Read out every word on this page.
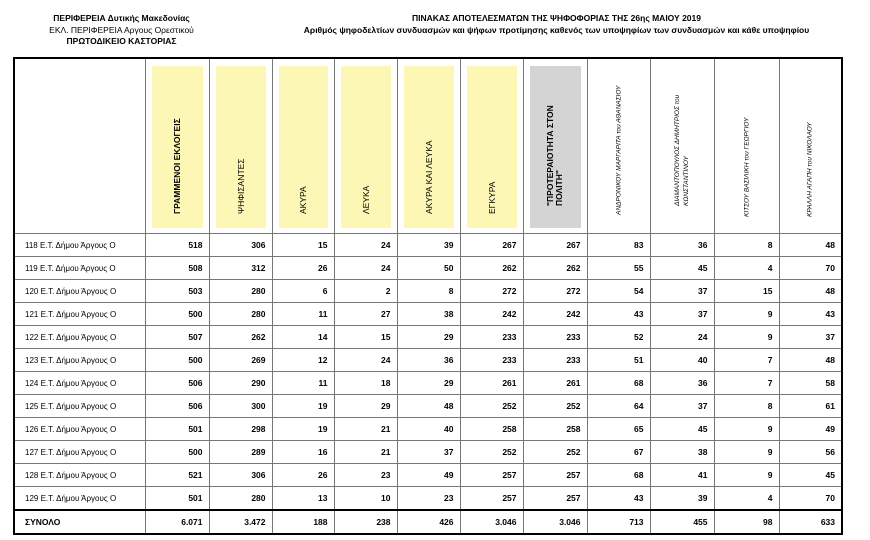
ΠΕΡΙΦΕΡΕΙΑ Δυτικής Μακεδονίας
ΕΚΛ. ΠΕΡΙΦΕΡΕΙΑ Αργους Ορεστικού
ΠΡΩΤΟΔΙΚΕΙΟ ΚΑΣΤΟΡΙΑΣ
ΠΙΝΑΚΑΣ ΑΠΟΤΕΛΕΣΜΑΤΩΝ ΤΗΣ ΨΗΦΟΦΟΡΙΑΣ ΤΗΣ 26ης ΜΑΙΟΥ 2019
Αριθμός ψηφοδελτίων συνδυασμών και ψήφων προτίμησης καθενός των υποψηφίων των συνδυασμών και κάθε υποψηφίου

	ΓΡΑΜΜΕΝΟΙ ΕΚΛΟΓΕΙΣ	ΨΗΦΙΣΑΝΤΕΣ	ΑΚΥΡΑ	ΛΕΥΚΑ	ΑΚΥΡΑ ΚΑΙ ΛΕΥΚΑ	ΕΓΚΥΡΑ	"ΠΡΟΤΕΡΑΙΟΤΗΤΑ ΣΤΟΝ ΠΟΛΙΤΗ"	ΑΝΔΡΟΝΙΚΟΥ ΜΑΡΓΑΡΙΤΑ του ΑΘΑΝΑΣΙΟΥ	ΔΙΑΜΑΝΤΟΠΟΥΛΟΣ ΔΗΜΗΤΡΙΟΣ του ΚΩΝΣΤΑΝΤΙΝΟΥ	ΚΙΤΣΟΥ ΒΑΣΙΛΙΚΗ του ΓΕΩΡΓΙΟΥ	ΚΡΑΛΛΗ ΑΓΑΠΗ του ΝΙΚΟΛΑΟΥ

118 Ε.Τ. Δήμου Άργους Ο	518	306	15	24	39	267	267	83	36	8	48
119 Ε.Τ. Δήμου Άργους Ο	508	312	26	24	50	262	262	55	45	4	70
120 Ε.Τ. Δήμου Άργους Ο	503	280	6	2	8	272	272	54	37	15	48
121 Ε.Τ. Δήμου Άργους Ο	500	280	11	27	38	242	242	43	37	9	43
122 Ε.Τ. Δήμου Άργους Ο	507	262	14	15	29	233	233	52	24	9	37
123 Ε.Τ. Δήμου Άργους Ο	500	269	12	24	36	233	233	51	40	7	48
124 Ε.Τ. Δήμου Άργους Ο	506	290	11	18	29	261	261	68	36	7	58
125 Ε.Τ. Δήμου Άργους Ο	506	300	19	29	48	252	252	64	37	8	61
126 Ε.Τ. Δήμου Άργους Ο	501	298	19	21	40	258	258	65	45	9	49
127 Ε.Τ. Δήμου Άργους Ο	500	289	16	21	37	252	252	67	38	9	56
128 Ε.Τ. Δήμου Άργους Ο	521	306	26	23	49	257	257	68	41	9	45
129 Ε.Τ. Δήμου Άργους Ο	501	280	13	10	23	257	257	43	39	4	70
ΣΥΝΟΛΟ	6.071	3.472	188	238	426	3.046	3.046	713	455	98	633
